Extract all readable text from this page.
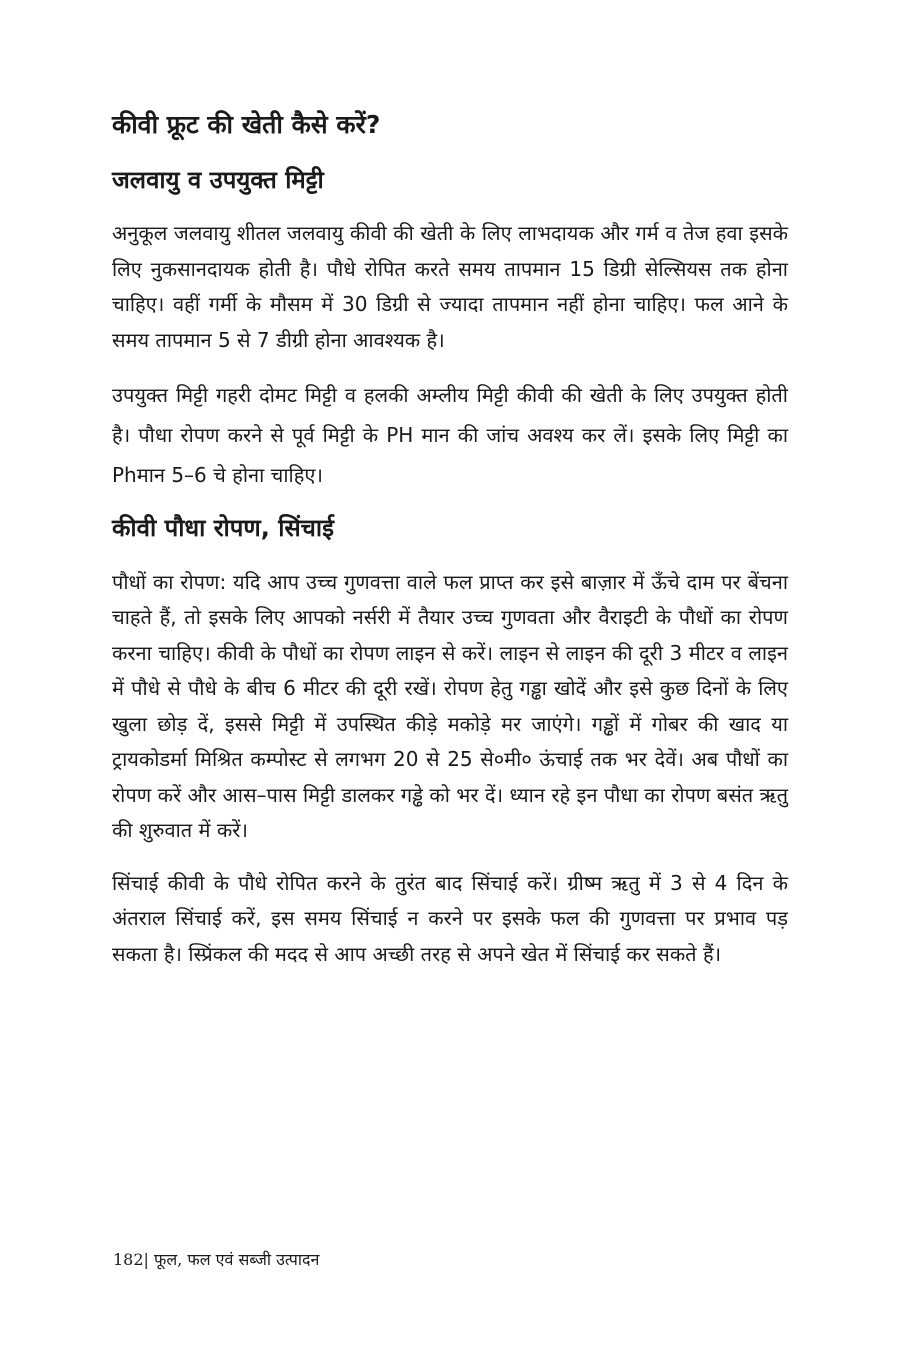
कीवी फ्रूट की खेती कैसे करें?
जलवायु व उपयुक्त मिट्टी

अनुकूल जलवायु शीतल जलवायु कीवी की खेती के लिए लाभदायक और गर्म व तेज हवा इसके लिए नुकसानदायक होती है। पौधे रोपित करते समय तापमान 15 डिग्री सेल्सियस तक होना चाहिए। वहीं गर्मी के मौसम में 30 डिग्री से ज्यादा तापमान नहीं होना चाहिए। फल आने के समय तापमान 5 से 7 डीग्री होना आवश्यक है।

उपयुक्त मिट्टी गहरी दोमट मिट्टी व हलकी अम्लीय मिट्टी कीवी की खेती के लिए उपयुक्त होती है। पौधा रोपण करने से पूर्व मिट्टी के PH मान की जांच अवश्य कर लें। इसके लिए मिट्टी का Phमान 5–6 चे होना चाहिए।

कीवी पौधा रोपण, सिंचाई

पौधों का रोपण: यदि आप उच्च गुणवत्ता वाले फल प्राप्त कर इसे बाज़ार में ऊँचे दाम पर बेंचना चाहते हैं, तो इसके लिए आपको नर्सरी में तैयार उच्च गुणवता और वैराइटी के पौधों का रोपण करना चाहिए। कीवी के पौधों का रोपण लाइन से करें। लाइन से लाइन की दूरी 3 मीटर व लाइन में पौधे से पौधे के बीच 6 मीटर की दूरी रखें। रोपण हेतु गड्ढा खोदें और इसे कुछ दिनों के लिए खुला छोड़ दें, इससे मिट्टी में उपस्थित कीड़े मकोड़े मर जाएंगे। गड्ढों में गोबर की खाद या ट्रायकोडर्मा मिश्रित कम्पोस्ट से लगभग 20 से 25 से०मी० ऊंचाई तक भर देवें। अब पौधों का रोपण करें और आस–पास मिट्टी डालकर गड्ढे को भर दें। ध्यान रहे इन पौधा का रोपण बसंत ऋतु की शुरुवात में करें।

सिंचाई कीवी के पौधे रोपित करने के तुरंत बाद सिंचाई करें। ग्रीष्म ऋतु में 3 से 4 दिन के अंतराल सिंचाई करें, इस समय सिंचाई न करने पर इसके फल की गुणवत्ता पर प्रभाव पड़ सकता है। स्प्रिंकल की मदद से आप अच्छी तरह से अपने खेत में सिंचाई कर सकते हैं।

182| फूल, फल एवं सब्जी उत्पादन
